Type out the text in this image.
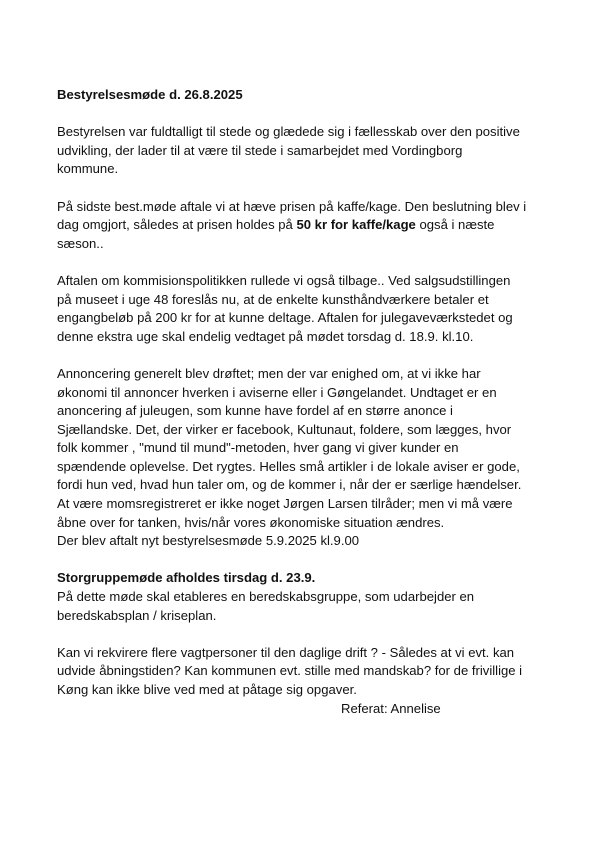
Bestyrelsesmøde d. 26.8.2025
Bestyrelsen var fuldtalligt til stede og glædede sig i fællesskab over den positive
udvikling, der lader til at være til stede i samarbejdet med Vordingborg
kommune.
På sidste best.møde aftale vi at hæve prisen på kaffe/kage. Den beslutning blev i
dag omgjort, således at prisen holdes på 50 kr for kaffe/kage også i næste
sæson..
Aftalen om kommisionspolitikken rullede vi også tilbage.. Ved salgsudstillingen
på museet i uge 48 foreslås nu, at de enkelte kunsthåndværkere betaler et
engangbeløb på 200 kr for at kunne deltage. Aftalen for julegaveværkstedet og
denne ekstra uge skal endelig vedtaget på mødet torsdag d. 18.9. kl.10.
Annoncering generelt blev drøftet; men der var enighed om, at vi ikke har
økonomi til annoncer hverken i aviserne eller i Gøngelandet. Undtaget er en
anoncering af juleugen, som kunne have fordel af en større anonce i
Sjællandske. Det, der virker er facebook, Kultunaut, foldere, som lægges, hvor
folk kommer , "mund til mund"-metoden, hver gang vi giver kunder en
spændende oplevelse. Det rygtes. Helles små artikler i de lokale aviser er gode,
fordi hun ved, hvad hun taler om, og de kommer i, når der er særlige hændelser.
At være momsregistreret er ikke noget Jørgen Larsen tilråder; men vi må være
åbne over for tanken, hvis/når vores økonomiske situation ændres.
Der blev aftalt nyt bestyrelsesmøde 5.9.2025 kl.9.00
Storgruppemøde afholdes tirsdag d. 23.9.
På dette møde skal etableres en beredskabsgruppe, som udarbejder en
beredskabsplan / kriseplan.
Kan vi rekvirere flere vagtpersoner til den daglige drift ? - Således at vi evt. kan
udvide åbningstiden? Kan kommunen evt. stille med mandskab? for de frivillige i
Køng kan ikke blive ved med at påtage sig opgaver.
Referat: Annelise
